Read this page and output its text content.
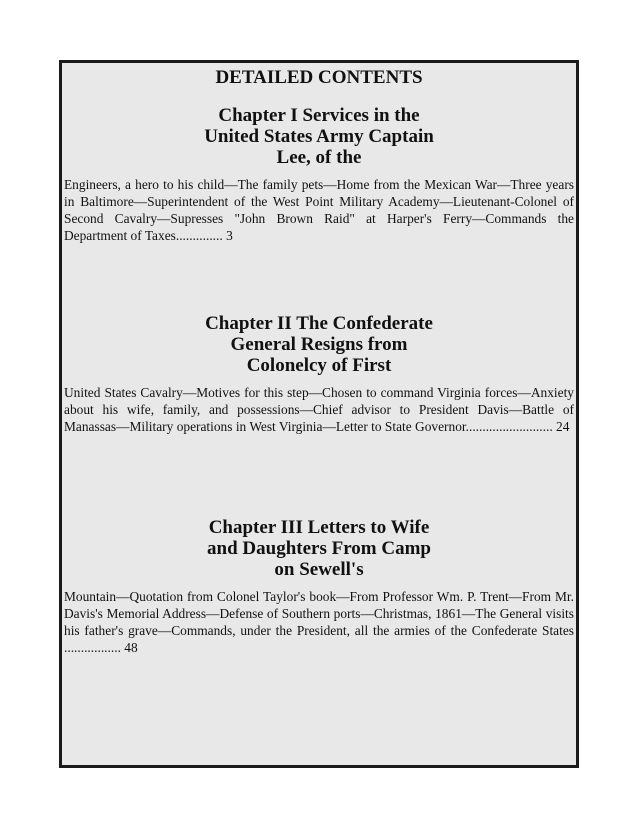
DETAILED CONTENTS
Chapter I Services in the
United States Army Captain
Lee, of the

Engineers, a hero to his child—The family pets—Home from the Mexican War—Three years in Baltimore—Superintendent of the West Point Military Academy—Lieutenant-Colonel of Second Cavalry—Supresses "John Brown Raid" at Harper's Ferry—Commands the Department of Taxes.............. 3

Chapter II The Confederate
General Resigns from
Colonelcy of First

United States Cavalry—Motives for this step—Chosen to command Virginia forces—Anxiety about his wife, family, and possessions—Chief advisor to President Davis—Battle of Manassas—Military operations in West Virginia—Letter to State Governor.......................... 24

Chapter III Letters to Wife
and Daughters From Camp
on Sewell's

Mountain—Quotation from Colonel Taylor's book—From Professor Wm. P. Trent—From Mr. Davis's Memorial Address—Defense of Southern ports—Christmas, 1861—The General visits his father's grave—Commands, under the President, all the armies of the Confederate States ................. 48
